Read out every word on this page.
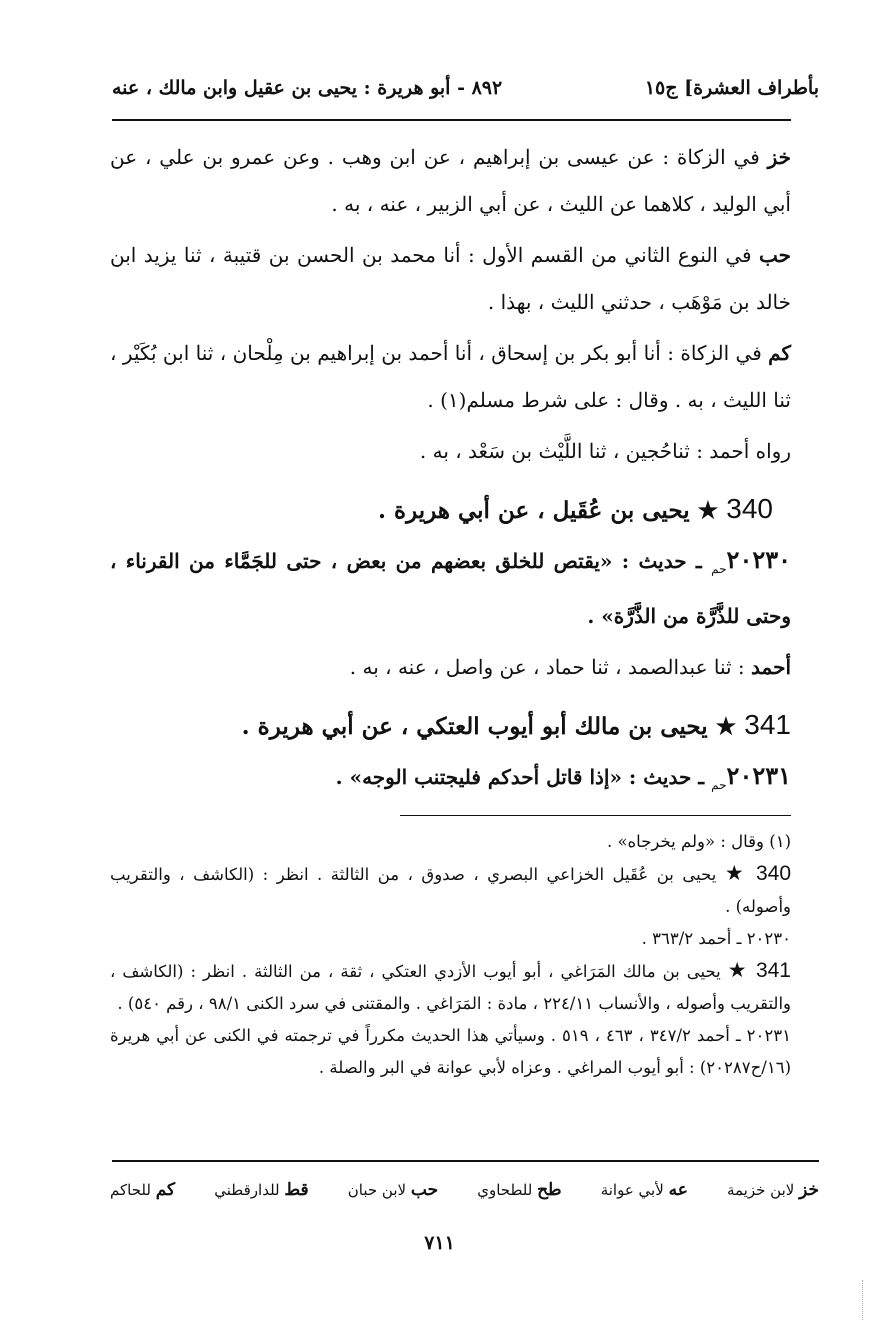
بأطراف العشرة] ج١٥
٨٩٢ - أبو هريرة : يحيى بن عقيل وابن مالك ، عنه

خز في الزكاة : عن عيسى بن إبراهيم ، عن ابن وهب . وعن عمرو بن علي ، عن أبي الوليد ، كلاهما عن الليث ، عن أبي الزبير ، عنه ، به .

حب في النوع الثاني من القسم الأول : أنا محمد بن الحسن بن قتيبة ، ثنا يزيد ابن خالد بن مَوْهَب ، حدثني الليث ، بهذا .

كم في الزكاة : أنا أبو بكر بن إسحاق ، أنا أحمد بن إبراهيم بن مِلْحان ، ثنا ابن بُكَيْر ، ثنا الليث ، به . وقال : على شرط مسلم(١) .

رواه أحمد : ثناحُجين ، ثنا اللَّيْث بن سَعْد ، به .

340 ★ يحيى بن عُقَيل ، عن أبي هريرة .

$٢٠٢٣٠_{حم}$ ـ حديث : «يقتص للخلق بعضهم من بعض ، حتى للجَمَّاء من القرناء ، وحتى للذَّرَّة من الذَّرَّة» .

أحمد : ثنا عبدالصمد ، ثنا حماد ، عن واصل ، عنه ، به .

341 ★ يحيى بن مالك أبو أيوب العتكي ، عن أبي هريرة .

$٢٠٢٣١_{حم}$ ـ حديث : «إذا قاتل أحدكم فليجتنب الوجه» .

(١) وقال : «ولم يخرجاه» .

340 ★ يحيى بن عُقَيل الخزاعي البصري ، صدوق ، من الثالثة . انظر : (الكاشف ، والتقريب وأصوله) .

٢٠٢٣٠ ـ أحمد ٣٦٣/٢ .

341 ★ يحيى بن مالك المَرَاغي ، أبو أيوب الأزدي العتكي ، ثقة ، من الثالثة . انظر : (الكاشف ، والتقريب وأصوله ، والأنساب ٢٢٤/١١ ، مادة : المَرَاغي . والمقتنى في سرد الكنى ٩٨/١ ، رقم ٥٤٠) .

٢٠٢٣١ ـ أحمد ٣٤٧/٢ ، ٤٦٣ ، ٥١٩ . وسيأتي هذا الحديث مكرراً في ترجمته في الكنى عن أبي هريرة (١٦/ح٢٠٢٨٧) : أبو أيوب المراغي . وعزاه لأبي عوانة في البر والصلة .

خز لابن خزيمة
عه لأبي عوانة
طح للطحاوي
حب لابن حبان
قط للدارقطني
كم للحاكم
٧١١
